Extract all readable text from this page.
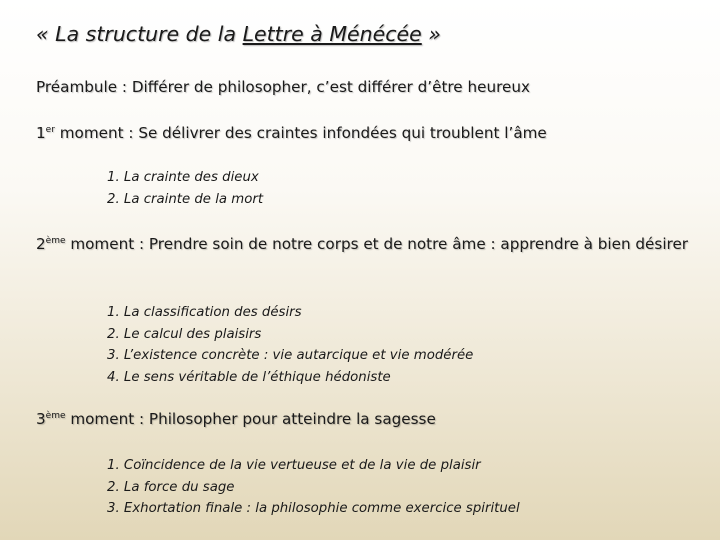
« La structure de la Lettre à Ménécée »
Préambule : Différer de philosopher, c’est différer d’être heureux
1er moment : Se délivrer des craintes infondées qui troublent l’âme
1. La crainte des dieux
2. La crainte de la mort
2ème moment : Prendre soin de notre corps et de notre âme : apprendre à bien désirer
1. La classification des désirs
2. Le calcul des plaisirs
3. L’existence concrète : vie autarcique et vie modérée
4. Le sens véritable de l’éthique hédoniste
3ème moment : Philosopher pour atteindre la sagesse
1. Coïncidence de la vie vertueuse et de la vie de plaisir
2. La force du sage
3. Exhortation finale : la philosophie comme exercice spirituel
